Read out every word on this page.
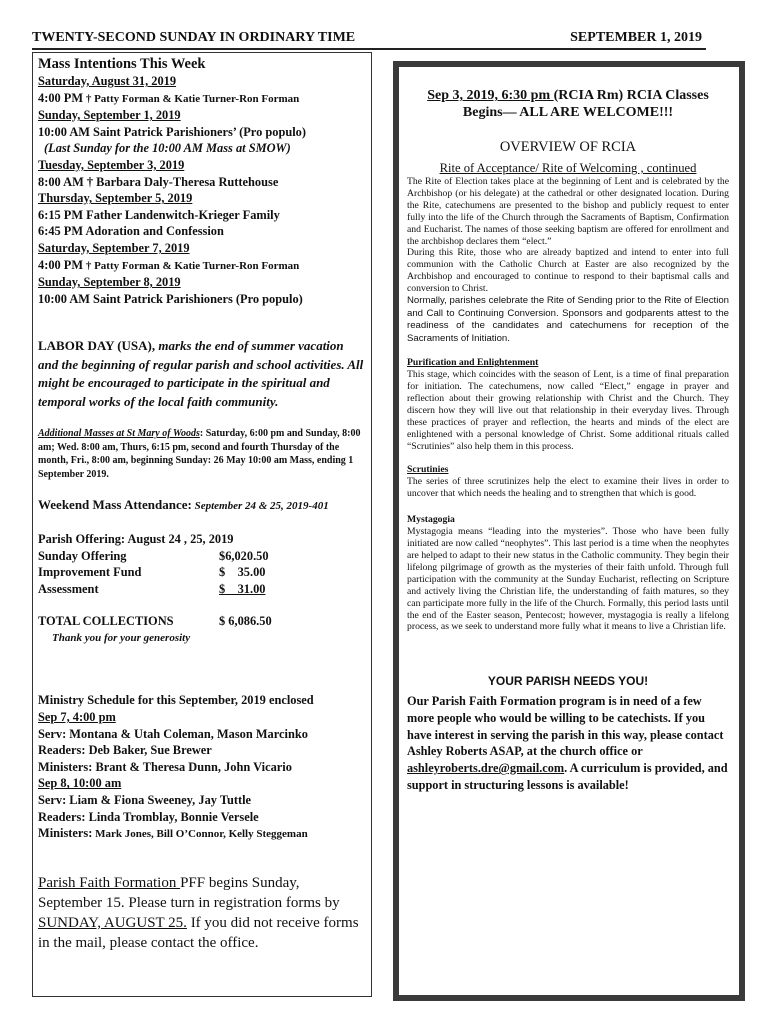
TWENTY-SECOND SUNDAY IN ORDINARY TIME	SEPTEMBER 1, 2019
Mass Intentions This Week
Saturday, August 31, 2019
4:00 PM † Patty Forman & Katie Turner-Ron Forman
Sunday, September 1, 2019
10:00 AM Saint Patrick Parishioners’ (Pro populo)
(Last Sunday for the 10:00 AM Mass at SMOW)
Tuesday, September 3, 2019
8:00 AM † Barbara Daly-Theresa Ruttehouse
Thursday, September 5, 2019
6:15 PM Father Landenwitch-Krieger Family
6:45 PM Adoration and Confession
Saturday, September 7, 2019
4:00 PM † Patty Forman & Katie Turner-Ron Forman
Sunday, September 8, 2019
10:00 AM Saint Patrick Parishioners (Pro populo)
LABOR DAY (USA), marks the end of summer vacation and the beginning of regular parish and school activities. All might be encouraged to participate in the spiritual and temporal works of the local faith community.
Additional Masses at St Mary of Woods: Saturday, 6:00 pm and Sunday, 8:00 am; Wed. 8:00 am, Thurs, 6:15 pm, second and fourth Thursday of the month, Fri., 8:00 am, beginning Sunday: 26 May 10:00 am Mass, ending 1 September 2019.
Weekend Mass Attendance: September 24 & 25, 2019-401
Parish Offering: August 24 , 25, 2019
Sunday Offering	$6,020.50
Improvement Fund	$    35.00
Assessment	$    31.00
TOTAL COLLECTIONS	$ 6,086.50
Thank you for your generosity
Ministry Schedule for this September, 2019 enclosed
Sep 7, 4:00 pm
Serv: Montana & Utah Coleman, Mason Marcinko
Readers: Deb Baker, Sue Brewer
Ministers: Brant & Theresa Dunn, John Vicario
Sep 8, 10:00 am
Serv: Liam & Fiona Sweeney, Jay Tuttle
Readers: Linda Tromblay, Bonnie Versele
Ministers: Mark Jones, Bill O’Connor, Kelly Steggeman
Parish Faith Formation PFF begins Sunday, September 15. Please turn in registration forms by SUNDAY, AUGUST 25. If you did not receive forms in the mail, please contact the office.
Sep 3, 2019, 6:30 pm (RCIA Rm) RCIA Classes Begins— ALL ARE WELCOME!!!
OVERVIEW OF RCIA
Rite of Acceptance/ Rite of Welcoming , continued
The Rite of Election takes place at the beginning of Lent and is celebrated by the Archbishop (or his delegate) at the cathedral or other designated location. During the Rite, catechumens are presented to the bishop and publicly request to enter fully into the life of the Church through the Sacraments of Baptism, Confirmation and Eucharist. The names of those seeking baptism are offered for enrollment and the archbishop declares them “elect.”
During this Rite, those who are already baptized and intend to enter into full communion with the Catholic Church at Easter are also recognized by the Archbishop and encouraged to continue to respond to their baptismal calls and conversion to Christ.
Normally, parishes celebrate the Rite of Sending prior to the Rite of Election and Call to Continuing Conversion. Sponsors and godparents attest to the readiness of the candidates and catechumens for reception of the Sacraments of Initiation.
Purification and Enlightenment
This stage, which coincides with the season of Lent, is a time of final preparation for initiation. The catechumens, now called “Elect,” engage in prayer and reflection about their growing relationship with Christ and the Church. They discern how they will live out that relationship in their everyday lives. Through these practices of prayer and reflection, the hearts and minds of the elect are enlightened with a personal knowledge of Christ. Some additional rituals called “Scrutinies” also help them in this process.
Scrutinies
The series of three scrutinizes help the elect to examine their lives in order to uncover that which needs the healing and to strengthen that which is good.
Mystagogia
Mystagogia means “leading into the mysteries”. Those who have been fully initiated are now called “neophytes”. This last period is a time when the neophytes are helped to adapt to their new status in the Catholic community. They begin their lifelong pilgrimage of growth as the mysteries of their faith unfold. Through full participation with the community at the Sunday Eucharist, reflecting on Scripture and actively living the Christian life, the understanding of faith matures, so they can participate more fully in the life of the Church. Formally, this period lasts until the end of the Easter season, Pentecost; however, mystagogia is really a lifelong process, as we seek to understand more fully what it means to live a Christian life.
YOUR PARISH NEEDS YOU!
Our Parish Faith Formation program is in need of a few more people who would be willing to be catechists. If you have interest in serving the parish in this way, please contact Ashley Roberts ASAP, at the church office or ashleyroberts.dre@gmail.com. A curriculum is provided, and support in structuring lessons is available!
